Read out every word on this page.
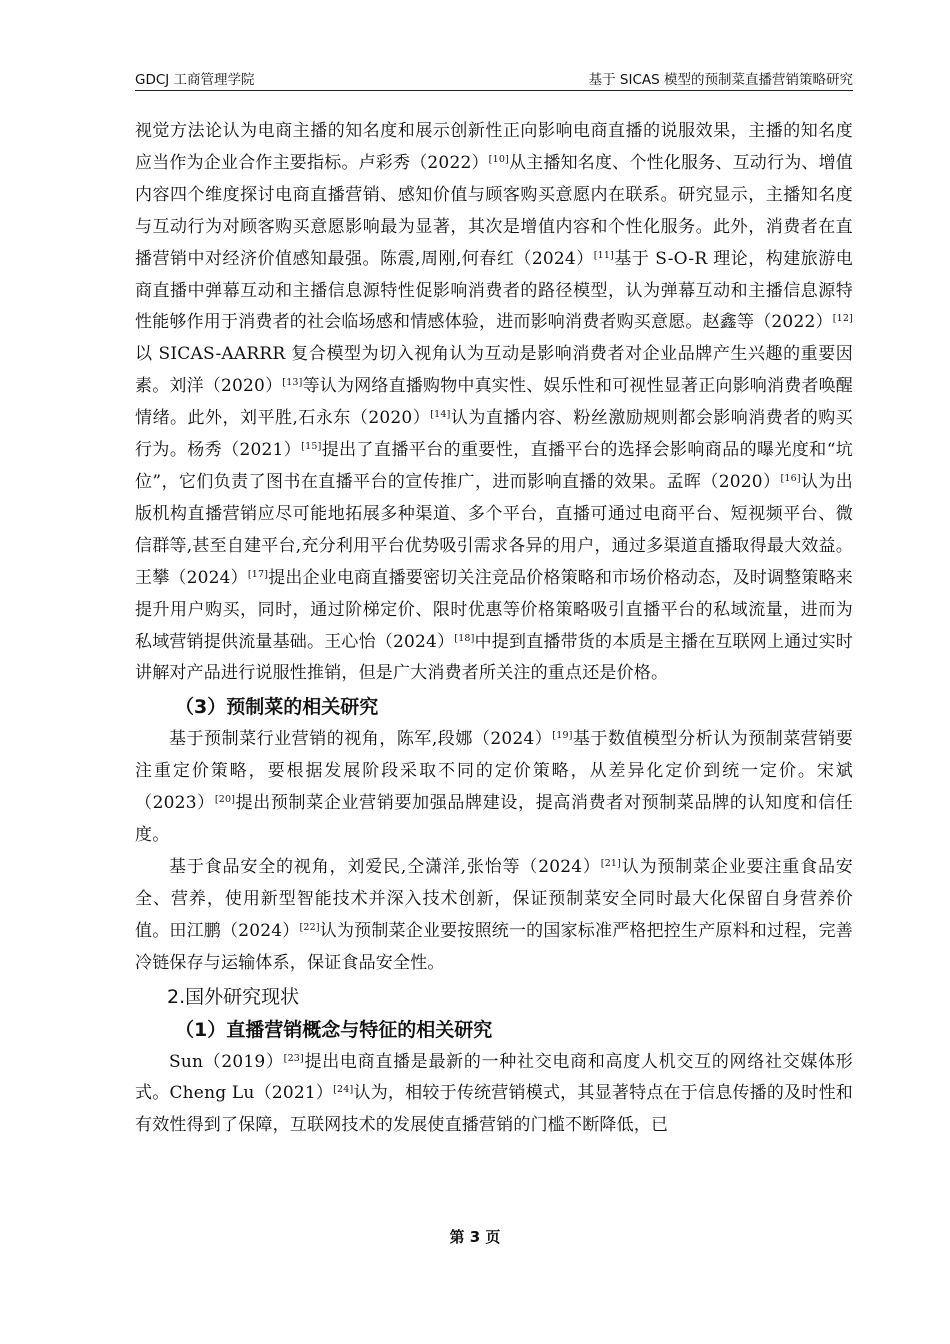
GDCJ 工商管理学院	基于 SICAS 模型的预制菜直播营销策略研究

视觉方法论认为电商主播的知名度和展示创新性正向影响电商直播的说服效果，主播的知名度应当作为企业合作主要指标。卢彩秀（2022）[10]从主播知名度、个性化服务、互动行为、增值内容四个维度探讨电商直播营销、感知价值与顾客购买意愿内在联系。研究显示，主播知名度与互动行为对顾客购买意愿影响最为显著，其次是增值内容和个性化服务。此外，消费者在直播营销中对经济价值感知最强。陈震,周刚,何春红（2024）[11]基于 S-O-R 理论，构建旅游电商直播中弹幕互动和主播信息源特性促影响消费者的路径模型，认为弹幕互动和主播信息源特性能够作用于消费者的社会临场感和情感体验，进而影响消费者购买意愿。赵鑫等（2022）[12]以 SICAS-AARRR 复合模型为切入视角认为互动是影响消费者对企业品牌产生兴趣的重要因素。刘洋（2020）[13]等认为网络直播购物中真实性、娱乐性和可视性显著正向影响消费者唤醒情绪。此外，刘平胜,石永东（2020）[14]认为直播内容、粉丝激励规则都会影响消费者的购买行为。杨秀（2021）[15]提出了直播平台的重要性，直播平台的选择会影响商品的曝光度和“坑位”，它们负责了图书在直播平台的宣传推广，进而影响直播的效果。孟晖（2020）[16]认为出版机构直播营销应尽可能地拓展多种渠道、多个平台，直播可通过电商平台、短视频平台、微信群等,甚至自建平台,充分利用平台优势吸引需求各异的用户，通过多渠道直播取得最大效益。王攀（2024）[17]提出企业电商直播要密切关注竞品价格策略和市场价格动态，及时调整策略来提升用户购买，同时，通过阶梯定价、限时优惠等价格策略吸引直播平台的私域流量，进而为私域营销提供流量基础。王心怡（2024）[18]中提到直播带货的本质是主播在互联网上通过实时讲解对产品进行说服性推销，但是广大消费者所关注的重点还是价格。

（3）预制菜的相关研究

基于预制菜行业营销的视角，陈军,段娜（2024）[19]基于数值模型分析认为预制菜营销要注重定价策略，要根据发展阶段采取不同的定价策略，从差异化定价到统一定价。宋斌（2023）[20]提出预制菜企业营销要加强品牌建设，提高消费者对预制菜品牌的认知度和信任度。

基于食品安全的视角，刘爱民,仝潇洋,张怡等（2024）[21]认为预制菜企业要注重食品安全、营养，使用新型智能技术并深入技术创新，保证预制菜安全同时最大化保留自身营养价值。田江鹏（2024）[22]认为预制菜企业要按照统一的国家标准严格把控生产原料和过程，完善冷链保存与运输体系，保证食品安全性。

2.国外研究现状
（1）直播营销概念与特征的相关研究

Sun（2019）[23]提出电商直播是最新的一种社交电商和高度人机交互的网络社交媒体形式。Cheng Lu（2021）[24]认为，相较于传统营销模式，其显著特点在于信息传播的及时性和有效性得到了保障，互联网技术的发展使直播营销的门槛不断降低，已

第 3 页
